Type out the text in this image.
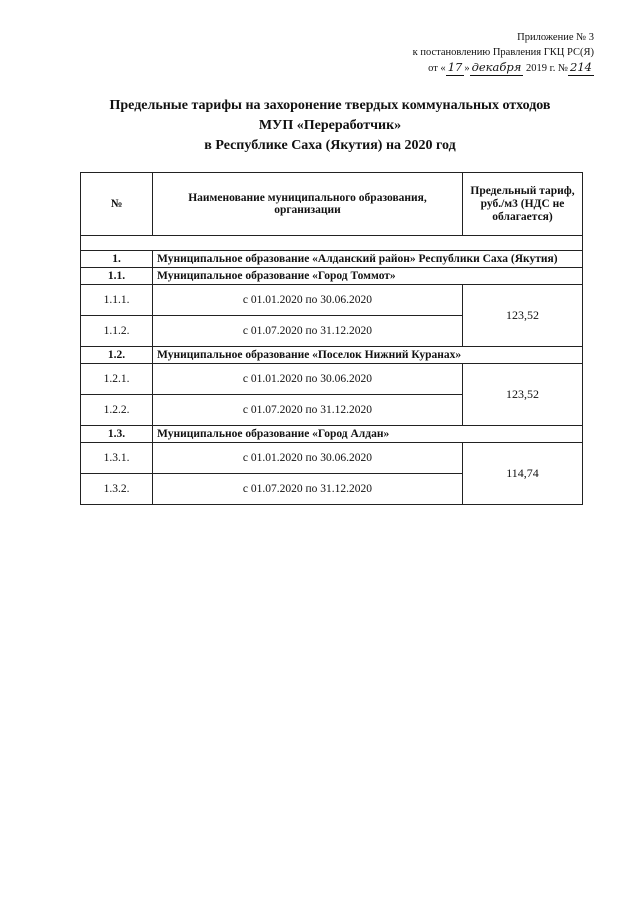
Приложение № 3
к постановлению Правления ГКЦ РС(Я)
от « 17 » декабря 2019 г. № 214
Предельные тарифы на захоронение твердых коммунальных отходов
МУП «Переработчик»
в Республике Саха (Якутия) на 2020 год
№	Наименование муниципального образования, организации	Предельный тариф, руб./м3 (НДС не облагается)

1.	Муниципальное образование «Алданский район» Республики Саха (Якутия)	
1.1.	Муниципальное образование «Город Томмот»	
1.1.1.	с 01.01.2020 по 30.06.2020	123,52
1.1.2.	с 01.07.2020 по 31.12.2020	
1.2.	Муниципальное образование «Поселок Нижний Куранах»	
1.2.1.	с 01.01.2020 по 30.06.2020	123,52
1.2.2.	с 01.07.2020 по 31.12.2020	
1.3.	Муниципальное образование «Город Алдан»	
1.3.1.	с 01.01.2020 по 30.06.2020	114,74
1.3.2.	с 01.07.2020 по 31.12.2020	
